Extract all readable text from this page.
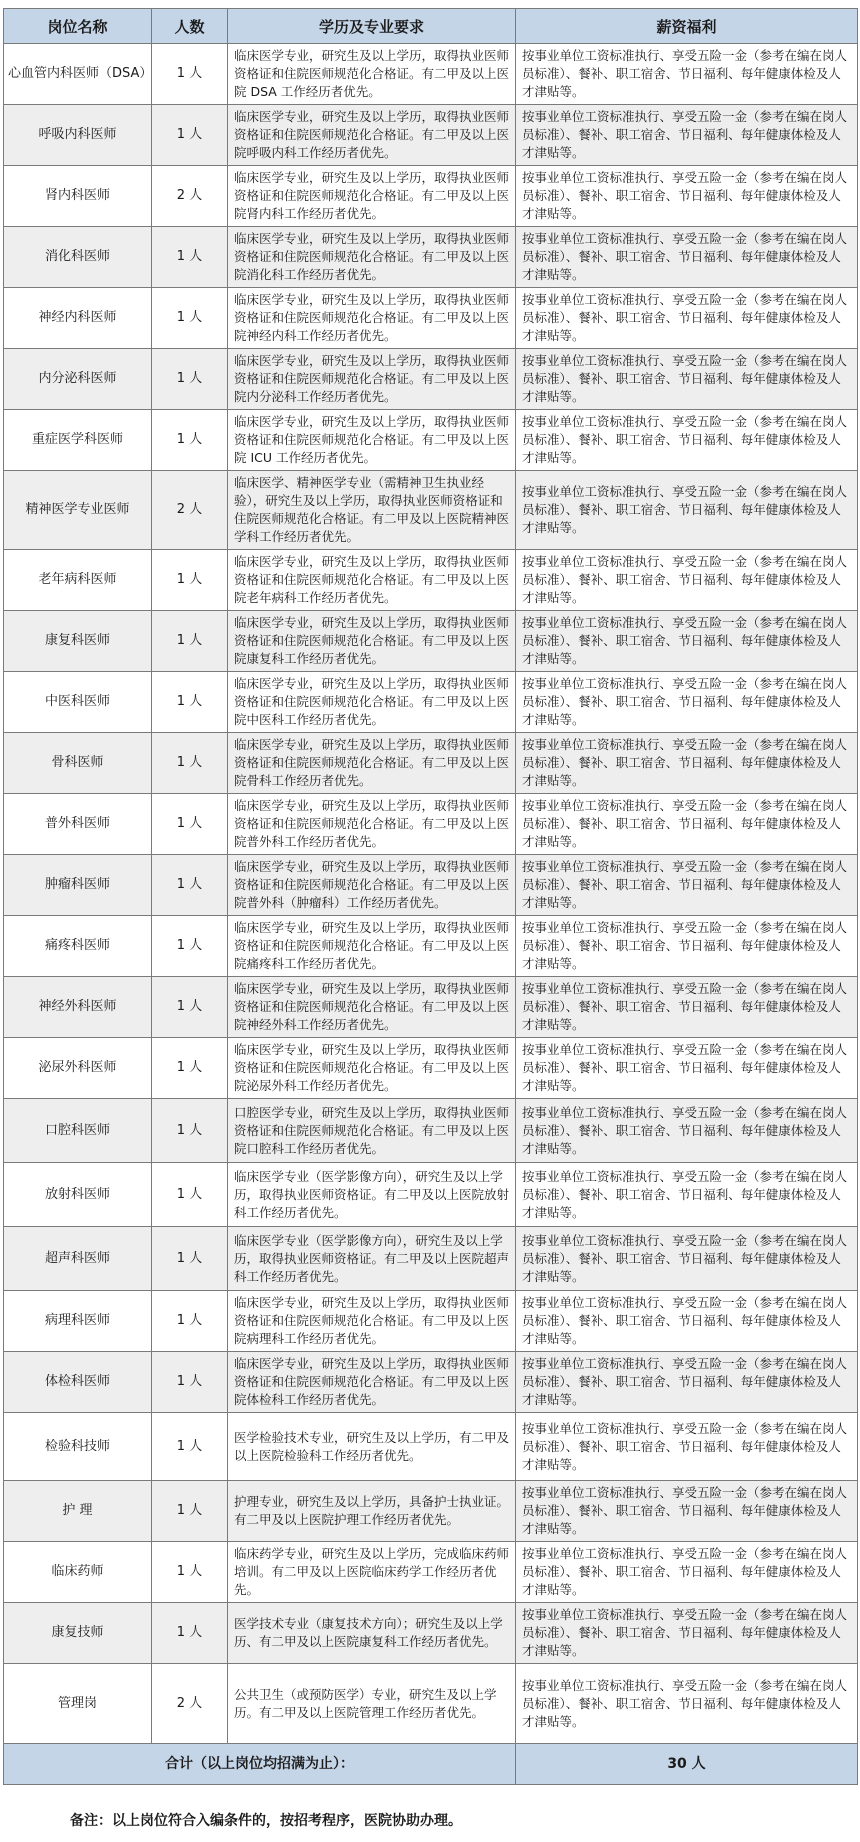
岗位名称	人数	学历及专业要求	薪资福利
心血管内科医师（DSA）	1 人	临床医学专业，研究生及以上学历，取得执业医师资格证和住院医师规范化合格证。有二甲及以上医院 DSA 工作经历者优先。	按事业单位工资标准执行、享受五险一金（参考在编在岗人员标准）、餐补、职工宿舍、节日福利、每年健康体检及人才津贴等。
呼吸内科医师	1 人	临床医学专业，研究生及以上学历，取得执业医师资格证和住院医师规范化合格证。有二甲及以上医院呼吸内科工作经历者优先。	按事业单位工资标准执行、享受五险一金（参考在编在岗人员标准）、餐补、职工宿舍、节日福利、每年健康体检及人才津贴等。
肾内科医师	2 人	临床医学专业，研究生及以上学历，取得执业医师资格证和住院医师规范化合格证。有二甲及以上医院肾内科工作经历者优先。	按事业单位工资标准执行、享受五险一金（参考在编在岗人员标准）、餐补、职工宿舍、节日福利、每年健康体检及人才津贴等。
消化科医师	1 人	临床医学专业，研究生及以上学历，取得执业医师资格证和住院医师规范化合格证。有二甲及以上医院消化科工作经历者优先。	按事业单位工资标准执行、享受五险一金（参考在编在岗人员标准）、餐补、职工宿舍、节日福利、每年健康体检及人才津贴等。
神经内科医师	1 人	临床医学专业，研究生及以上学历，取得执业医师资格证和住院医师规范化合格证。有二甲及以上医院神经内科工作经历者优先。	按事业单位工资标准执行、享受五险一金（参考在编在岗人员标准）、餐补、职工宿舍、节日福利、每年健康体检及人才津贴等。
内分泌科医师	1 人	临床医学专业，研究生及以上学历，取得执业医师资格证和住院医师规范化合格证。有二甲及以上医院内分泌科工作经历者优先。	按事业单位工资标准执行、享受五险一金（参考在编在岗人员标准）、餐补、职工宿舍、节日福利、每年健康体检及人才津贴等。
重症医学科医师	1 人	临床医学专业，研究生及以上学历，取得执业医师资格证和住院医师规范化合格证。有二甲及以上医院 ICU 工作经历者优先。	按事业单位工资标准执行、享受五险一金（参考在编在岗人员标准）、餐补、职工宿舍、节日福利、每年健康体检及人才津贴等。
精神医学专业医师	2 人	临床医学、精神医学专业（需精神卫生执业经验），研究生及以上学历，取得执业医师资格证和住院医师规范化合格证。有二甲及以上医院精神医学科工作经历者优先。	按事业单位工资标准执行、享受五险一金（参考在编在岗人员标准）、餐补、职工宿舍、节日福利、每年健康体检及人才津贴等。
老年病科医师	1 人	临床医学专业，研究生及以上学历，取得执业医师资格证和住院医师规范化合格证。有二甲及以上医院老年病科工作经历者优先。	按事业单位工资标准执行、享受五险一金（参考在编在岗人员标准）、餐补、职工宿舍、节日福利、每年健康体检及人才津贴等。
康复科医师	1 人	临床医学专业，研究生及以上学历，取得执业医师资格证和住院医师规范化合格证。有二甲及以上医院康复科工作经历者优先。	按事业单位工资标准执行、享受五险一金（参考在编在岗人员标准）、餐补、职工宿舍、节日福利、每年健康体检及人才津贴等。
中医科医师	1 人	临床医学专业，研究生及以上学历，取得执业医师资格证和住院医师规范化合格证。有二甲及以上医院中医科工作经历者优先。	按事业单位工资标准执行、享受五险一金（参考在编在岗人员标准）、餐补、职工宿舍、节日福利、每年健康体检及人才津贴等。
骨科医师	1 人	临床医学专业，研究生及以上学历，取得执业医师资格证和住院医师规范化合格证。有二甲及以上医院骨科工作经历者优先。	按事业单位工资标准执行、享受五险一金（参考在编在岗人员标准）、餐补、职工宿舍、节日福利、每年健康体检及人才津贴等。
普外科医师	1 人	临床医学专业，研究生及以上学历，取得执业医师资格证和住院医师规范化合格证。有二甲及以上医院普外科工作经历者优先。	按事业单位工资标准执行、享受五险一金（参考在编在岗人员标准）、餐补、职工宿舍、节日福利、每年健康体检及人才津贴等。
肿瘤科医师	1 人	临床医学专业，研究生及以上学历，取得执业医师资格证和住院医师规范化合格证。有二甲及以上医院普外科（肿瘤科）工作经历者优先。	按事业单位工资标准执行、享受五险一金（参考在编在岗人员标准）、餐补、职工宿舍、节日福利、每年健康体检及人才津贴等。
痛疼科医师	1 人	临床医学专业，研究生及以上学历，取得执业医师资格证和住院医师规范化合格证。有二甲及以上医院痛疼科工作经历者优先。	按事业单位工资标准执行、享受五险一金（参考在编在岗人员标准）、餐补、职工宿舍、节日福利、每年健康体检及人才津贴等。
神经外科医师	1 人	临床医学专业，研究生及以上学历，取得执业医师资格证和住院医师规范化合格证。有二甲及以上医院神经外科工作经历者优先。	按事业单位工资标准执行、享受五险一金（参考在编在岗人员标准）、餐补、职工宿舍、节日福利、每年健康体检及人才津贴等。
泌尿外科医师	1 人	临床医学专业，研究生及以上学历，取得执业医师资格证和住院医师规范化合格证。有二甲及以上医院泌尿外科工作经历者优先。	按事业单位工资标准执行、享受五险一金（参考在编在岗人员标准）、餐补、职工宿舍、节日福利、每年健康体检及人才津贴等。
口腔科医师	1 人	口腔医学专业，研究生及以上学历，取得执业医师资格证和住院医师规范化合格证。有二甲及以上医院口腔科工作经历者优先。	按事业单位工资标准执行、享受五险一金（参考在编在岗人员标准）、餐补、职工宿舍、节日福利、每年健康体检及人才津贴等。
放射科医师	1 人	临床医学专业（医学影像方向），研究生及以上学历，取得执业医师资格证。有二甲及以上医院放射科工作经历者优先。	按事业单位工资标准执行、享受五险一金（参考在编在岗人员标准）、餐补、职工宿舍、节日福利、每年健康体检及人才津贴等。
超声科医师	1 人	临床医学专业（医学影像方向），研究生及以上学历，取得执业医师资格证。有二甲及以上医院超声科工作经历者优先。	按事业单位工资标准执行、享受五险一金（参考在编在岗人员标准）、餐补、职工宿舍、节日福利、每年健康体检及人才津贴等。
病理科医师	1 人	临床医学专业，研究生及以上学历，取得执业医师资格证和住院医师规范化合格证。有二甲及以上医院病理科工作经历者优先。	按事业单位工资标准执行、享受五险一金（参考在编在岗人员标准）、餐补、职工宿舍、节日福利、每年健康体检及人才津贴等。
体检科医师	1 人	临床医学专业，研究生及以上学历，取得执业医师资格证和住院医师规范化合格证。有二甲及以上医院体检科工作经历者优先。	按事业单位工资标准执行、享受五险一金（参考在编在岗人员标准）、餐补、职工宿舍、节日福利、每年健康体检及人才津贴等。
检验科技师	1 人	医学检验技术专业，研究生及以上学历，有二甲及以上医院检验科工作经历者优先。	按事业单位工资标准执行、享受五险一金（参考在编在岗人员标准）、餐补、职工宿舍、节日福利、每年健康体检及人才津贴等。
护 理	1 人	护理专业，研究生及以上学历，具备护士执业证。有二甲及以上医院护理工作经历者优先。	按事业单位工资标准执行、享受五险一金（参考在编在岗人员标准）、餐补、职工宿舍、节日福利、每年健康体检及人才津贴等。
临床药师	1 人	临床药学专业，研究生及以上学历，完成临床药师培训。有二甲及以上医院临床药学工作经历者优先。	按事业单位工资标准执行、享受五险一金（参考在编在岗人员标准）、餐补、职工宿舍、节日福利、每年健康体检及人才津贴等。
康复技师	1 人	医学技术专业（康复技术方向）；研究生及以上学历、有二甲及以上医院康复科工作经历者优先。	按事业单位工资标准执行、享受五险一金（参考在编在岗人员标准）、餐补、职工宿舍、节日福利、每年健康体检及人才津贴等。
管理岗	2 人	公共卫生（或预防医学）专业，研究生及以上学历。有二甲及以上医院管理工作经历者优先。	按事业单位工资标准执行、享受五险一金（参考在编在岗人员标准）、餐补、职工宿舍、节日福利、每年健康体检及人才津贴等。
合计（以上岗位均招满为止）：			30 人
备注：以上岗位符合入编条件的，按招考程序，医院协助办理。
